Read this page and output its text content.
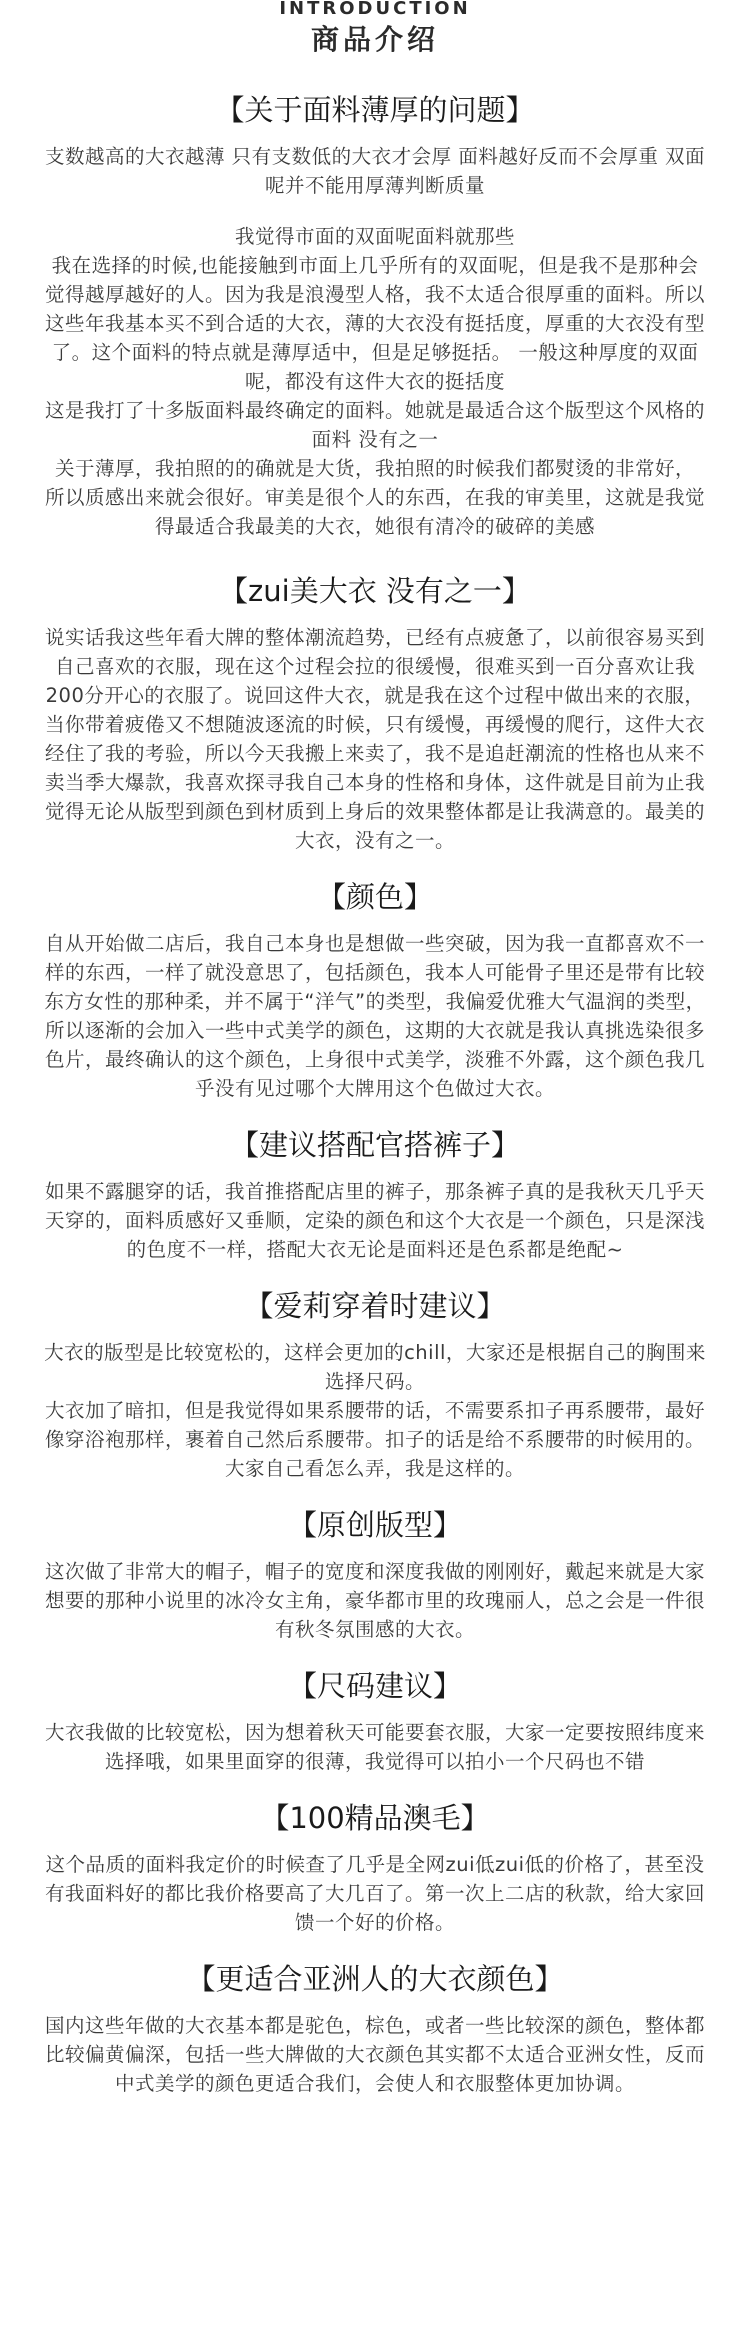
INTRODUCTION
商品介绍
【关于面料薄厚的问题】

支数越高的大衣越薄 只有支数低的大衣才会厚 面料越好反而不会厚重 双面呢并不能用厚薄判断质量

我觉得市面的双面呢面料就那些

我在选择的时候,也能接触到市面上几乎所有的双面呢，但是我不是那种会觉得越厚越好的人。因为我是浪漫型人格，我不太适合很厚重的面料。所以这些年我基本买不到合适的大衣，薄的大衣没有挺括度，厚重的大衣没有型了。这个面料的特点就是薄厚适中，但是足够挺括。 一般这种厚度的双面呢，都没有这件大衣的挺括度

这是我打了十多版面料最终确定的面料。她就是最适合这个版型这个风格的面料 没有之一

关于薄厚，我拍照的的确就是大货，我拍照的时候我们都熨烫的非常好， 所以质感出来就会很好。审美是很个人的东西，在我的审美里，这就是我觉得最适合我最美的大衣，她很有清冷的破碎的美感

【zui美大衣 没有之一】

说实话我这些年看大牌的整体潮流趋势，已经有点疲惫了，以前很容易买到自己喜欢的衣服，现在这个过程会拉的很缓慢，很难买到一百分喜欢让我200分开心的衣服了。说回这件大衣，就是我在这个过程中做出来的衣服，当你带着疲倦又不想随波逐流的时候，只有缓慢，再缓慢的爬行，这件大衣经住了我的考验，所以今天我搬上来卖了，我不是追赶潮流的性格也从来不卖当季大爆款，我喜欢探寻我自己本身的性格和身体，这件就是目前为止我觉得无论从版型到颜色到材质到上身后的效果整体都是让我满意的。最美的大衣，没有之一。

【颜色】

自从开始做二店后，我自己本身也是想做一些突破，因为我一直都喜欢不一样的东西，一样了就没意思了，包括颜色，我本人可能骨子里还是带有比较东方女性的那种柔，并不属于“洋气”的类型，我偏爱优雅大气温润的类型，所以逐渐的会加入一些中式美学的颜色，这期的大衣就是我认真挑选染很多色片，最终确认的这个颜色，上身很中式美学，淡雅不外露，这个颜色我几乎没有见过哪个大牌用这个色做过大衣。

【建议搭配官搭裤子】

如果不露腿穿的话，我首推搭配店里的裤子，那条裤子真的是我秋天几乎天天穿的，面料质感好又垂顺，定染的颜色和这个大衣是一个颜色，只是深浅的色度不一样，搭配大衣无论是面料还是色系都是绝配~

【爱莉穿着时建议】

大衣的版型是比较宽松的，这样会更加的chill，大家还是根据自己的胸围来选择尺码。

大衣加了暗扣，但是我觉得如果系腰带的话，不需要系扣子再系腰带，最好像穿浴袍那样，裹着自己然后系腰带。扣子的话是给不系腰带的时候用的。大家自己看怎么弄，我是这样的。

【原创版型】

这次做了非常大的帽子，帽子的宽度和深度我做的刚刚好，戴起来就是大家想要的那种小说里的冰冷女主角，豪华都市里的玫瑰丽人，总之会是一件很有秋冬氛围感的大衣。

【尺码建议】

大衣我做的比较宽松，因为想着秋天可能要套衣服，大家一定要按照纬度来选择哦，如果里面穿的很薄，我觉得可以拍小一个尺码也不错

【100精品澳毛】

这个品质的面料我定价的时候查了几乎是全网zui低zui低的价格了，甚至没有我面料好的都比我价格要高了大几百了。第一次上二店的秋款，给大家回馈一个好的价格。

【更适合亚洲人的大衣颜色】

国内这些年做的大衣基本都是驼色，棕色，或者一些比较深的颜色，整体都比较偏黄偏深，包括一些大牌做的大衣颜色其实都不太适合亚洲女性，反而中式美学的颜色更适合我们，会使人和衣服整体更加协调。
